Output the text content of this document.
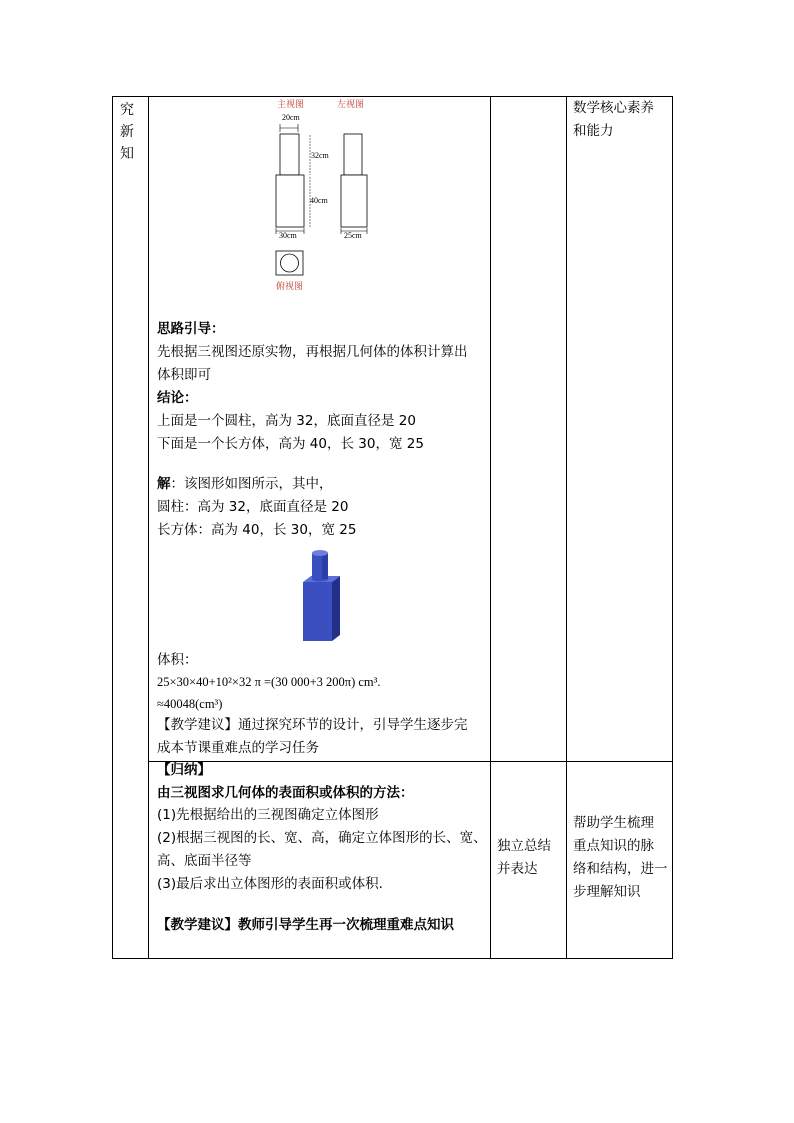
究
新
知
主视图	左视图
20cm
32cm
40cm
30cm	25cm
俯视图
思路引导：
先根据三视图还原实物，再根据几何体的体积计算出
体积即可
结论：
上面是一个圆柱，高为 32，底面直径是 20
下面是一个长方体，高为 40，长 30，宽 25
解：该图形如图所示，其中，
圆柱：高为 32，底面直径是 20
长方体：高为 40，长 30，宽 25
体积：
25×30×40+10²×32 π =(30 000+3 200π) cm³.
≈40048(cm³)
【教学建议】通过探究环节的设计，引导学生逐步完
成本节课重难点的学习任务
【归纳】
由三视图求几何体的表面积或体积的方法：
(1)先根据给出的三视图确定立体图形
(2)根据三视图的长、宽、高，确定立体图形的长、宽、
高、底面半径等
(3)最后求出立体图形的表面积或体积.
【教学建议】教师引导学生再一次梳理重难点知识
独立总结
并表达
数学核心素养
和能力
帮助学生梳理
重点知识的脉
络和结构，进一
步理解知识
